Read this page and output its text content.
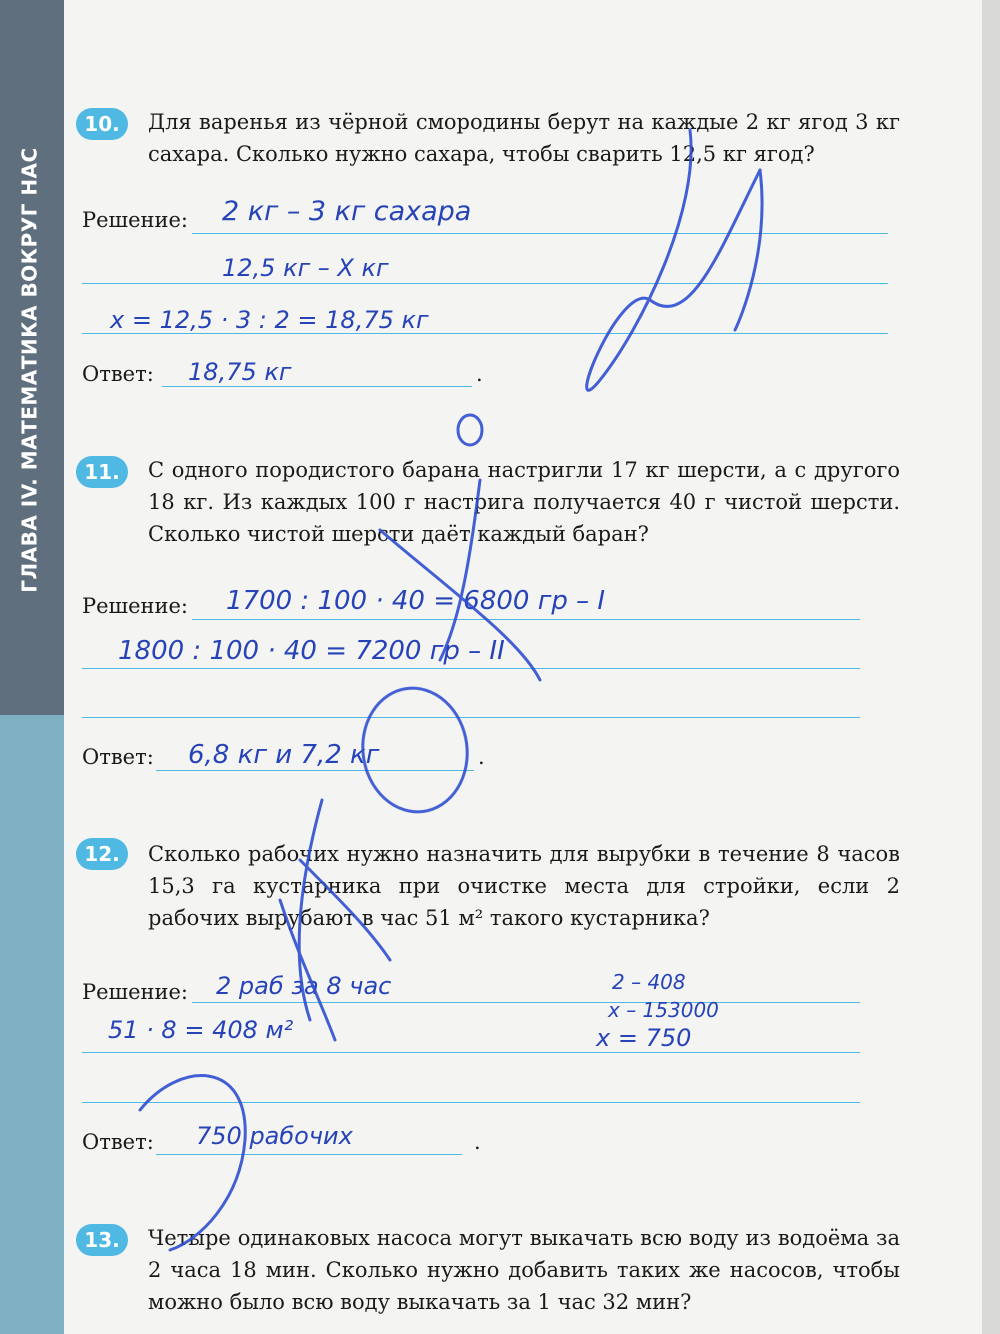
ГЛАВА IV. МАТЕМАТИКА ВОКРУГ НАС
10.	Для варенья из чёрной смородины берут на каждые 2 кг ягод 3 кг сахара. Сколько нужно сахара, чтобы сварить 12,5 кг ягод?
Решение:
Ответ:	.
2 кг – 3 кг сахара
12,5 кг – X кг
x = 12,5 · 3 : 2 = 18,75 кг
18,75 кг
11.	С одного породистого барана настригли 17 кг шерсти, а с другого 18 кг. Из каждых 100 г настрига получается 40 г чистой шерсти. Сколько чистой шерсти даёт каждый баран?
Решение:
Ответ:	.
1700 : 100 · 40 = 6800 гр – I
1800 : 100 · 40 = 7200 гр – II
6,8 кг и 7,2 кг
12.	Сколько рабочих нужно назначить для вырубки в течение 8 часов 15,3 га кустарника при очистке места для стройки, если 2 рабочих вырубают в час 51 м² такого кустарника?
Решение:
Ответ:	.
2 раб за 8 час
51 · 8 = 408 м²
2 – 408
x – 153000
x = 750
750 рабочих
13.	Четыре одинаковых насоса могут выкачать всю воду из водоёма за 2 часа 18 мин. Сколько нужно добавить таких же насосов, чтобы можно было всю воду выкачать за 1 час 32 мин?
